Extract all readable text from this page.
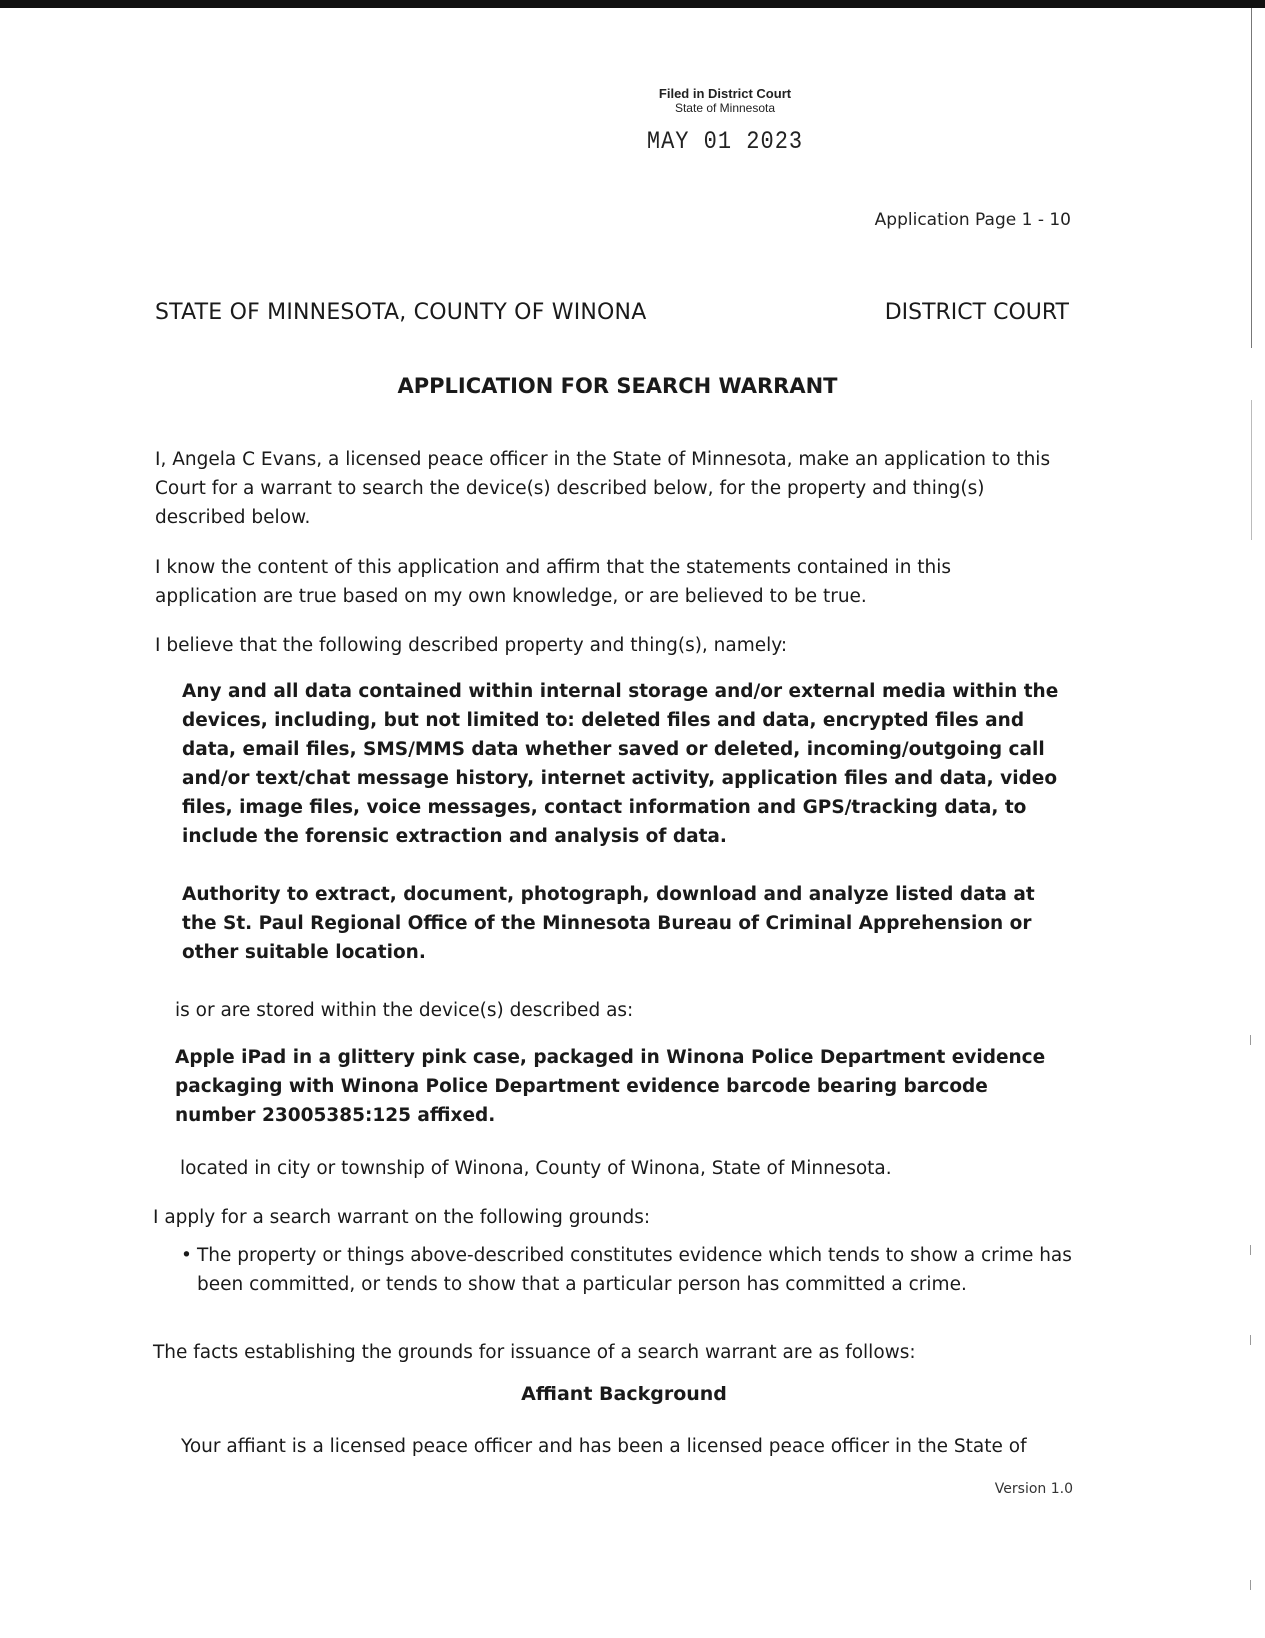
Filed in District Court
State of Minnesota
MAY 01 2023
Application Page 1 - 10
STATE OF MINNESOTA, COUNTY OF WINONA	DISTRICT COURT
APPLICATION FOR SEARCH WARRANT
I, Angela C Evans, a licensed peace officer in the State of Minnesota, make an application to this Court for a warrant to search the device(s) described below, for the property and thing(s) described below.
I know the content of this application and affirm that the statements contained in this application are true based on my own knowledge, or are believed to be true.
I believe that the following described property and thing(s), namely:
Any and all data contained within internal storage and/or external media within the devices, including, but not limited to: deleted files and data, encrypted files and data, email files, SMS/MMS data whether saved or deleted, incoming/outgoing call and/or text/chat message history, internet activity, application files and data, video files, image files, voice messages, contact information and GPS/tracking data, to include the forensic extraction and analysis of data.
Authority to extract, document, photograph, download and analyze listed data at the St. Paul Regional Office of the Minnesota Bureau of Criminal Apprehension or other suitable location.
is or are stored within the device(s) described as:
Apple iPad in a glittery pink case, packaged in Winona Police Department evidence packaging with Winona Police Department evidence barcode bearing barcode number 23005385:125 affixed.
located in city or township of Winona, County of Winona, State of Minnesota.
I apply for a search warrant on the following grounds:
• The property or things above-described constitutes evidence which tends to show a crime has been committed, or tends to show that a particular person has committed a crime.
The facts establishing the grounds for issuance of a search warrant are as follows:
Affiant Background
Your affiant is a licensed peace officer and has been a licensed peace officer in the State of
Version 1.0
